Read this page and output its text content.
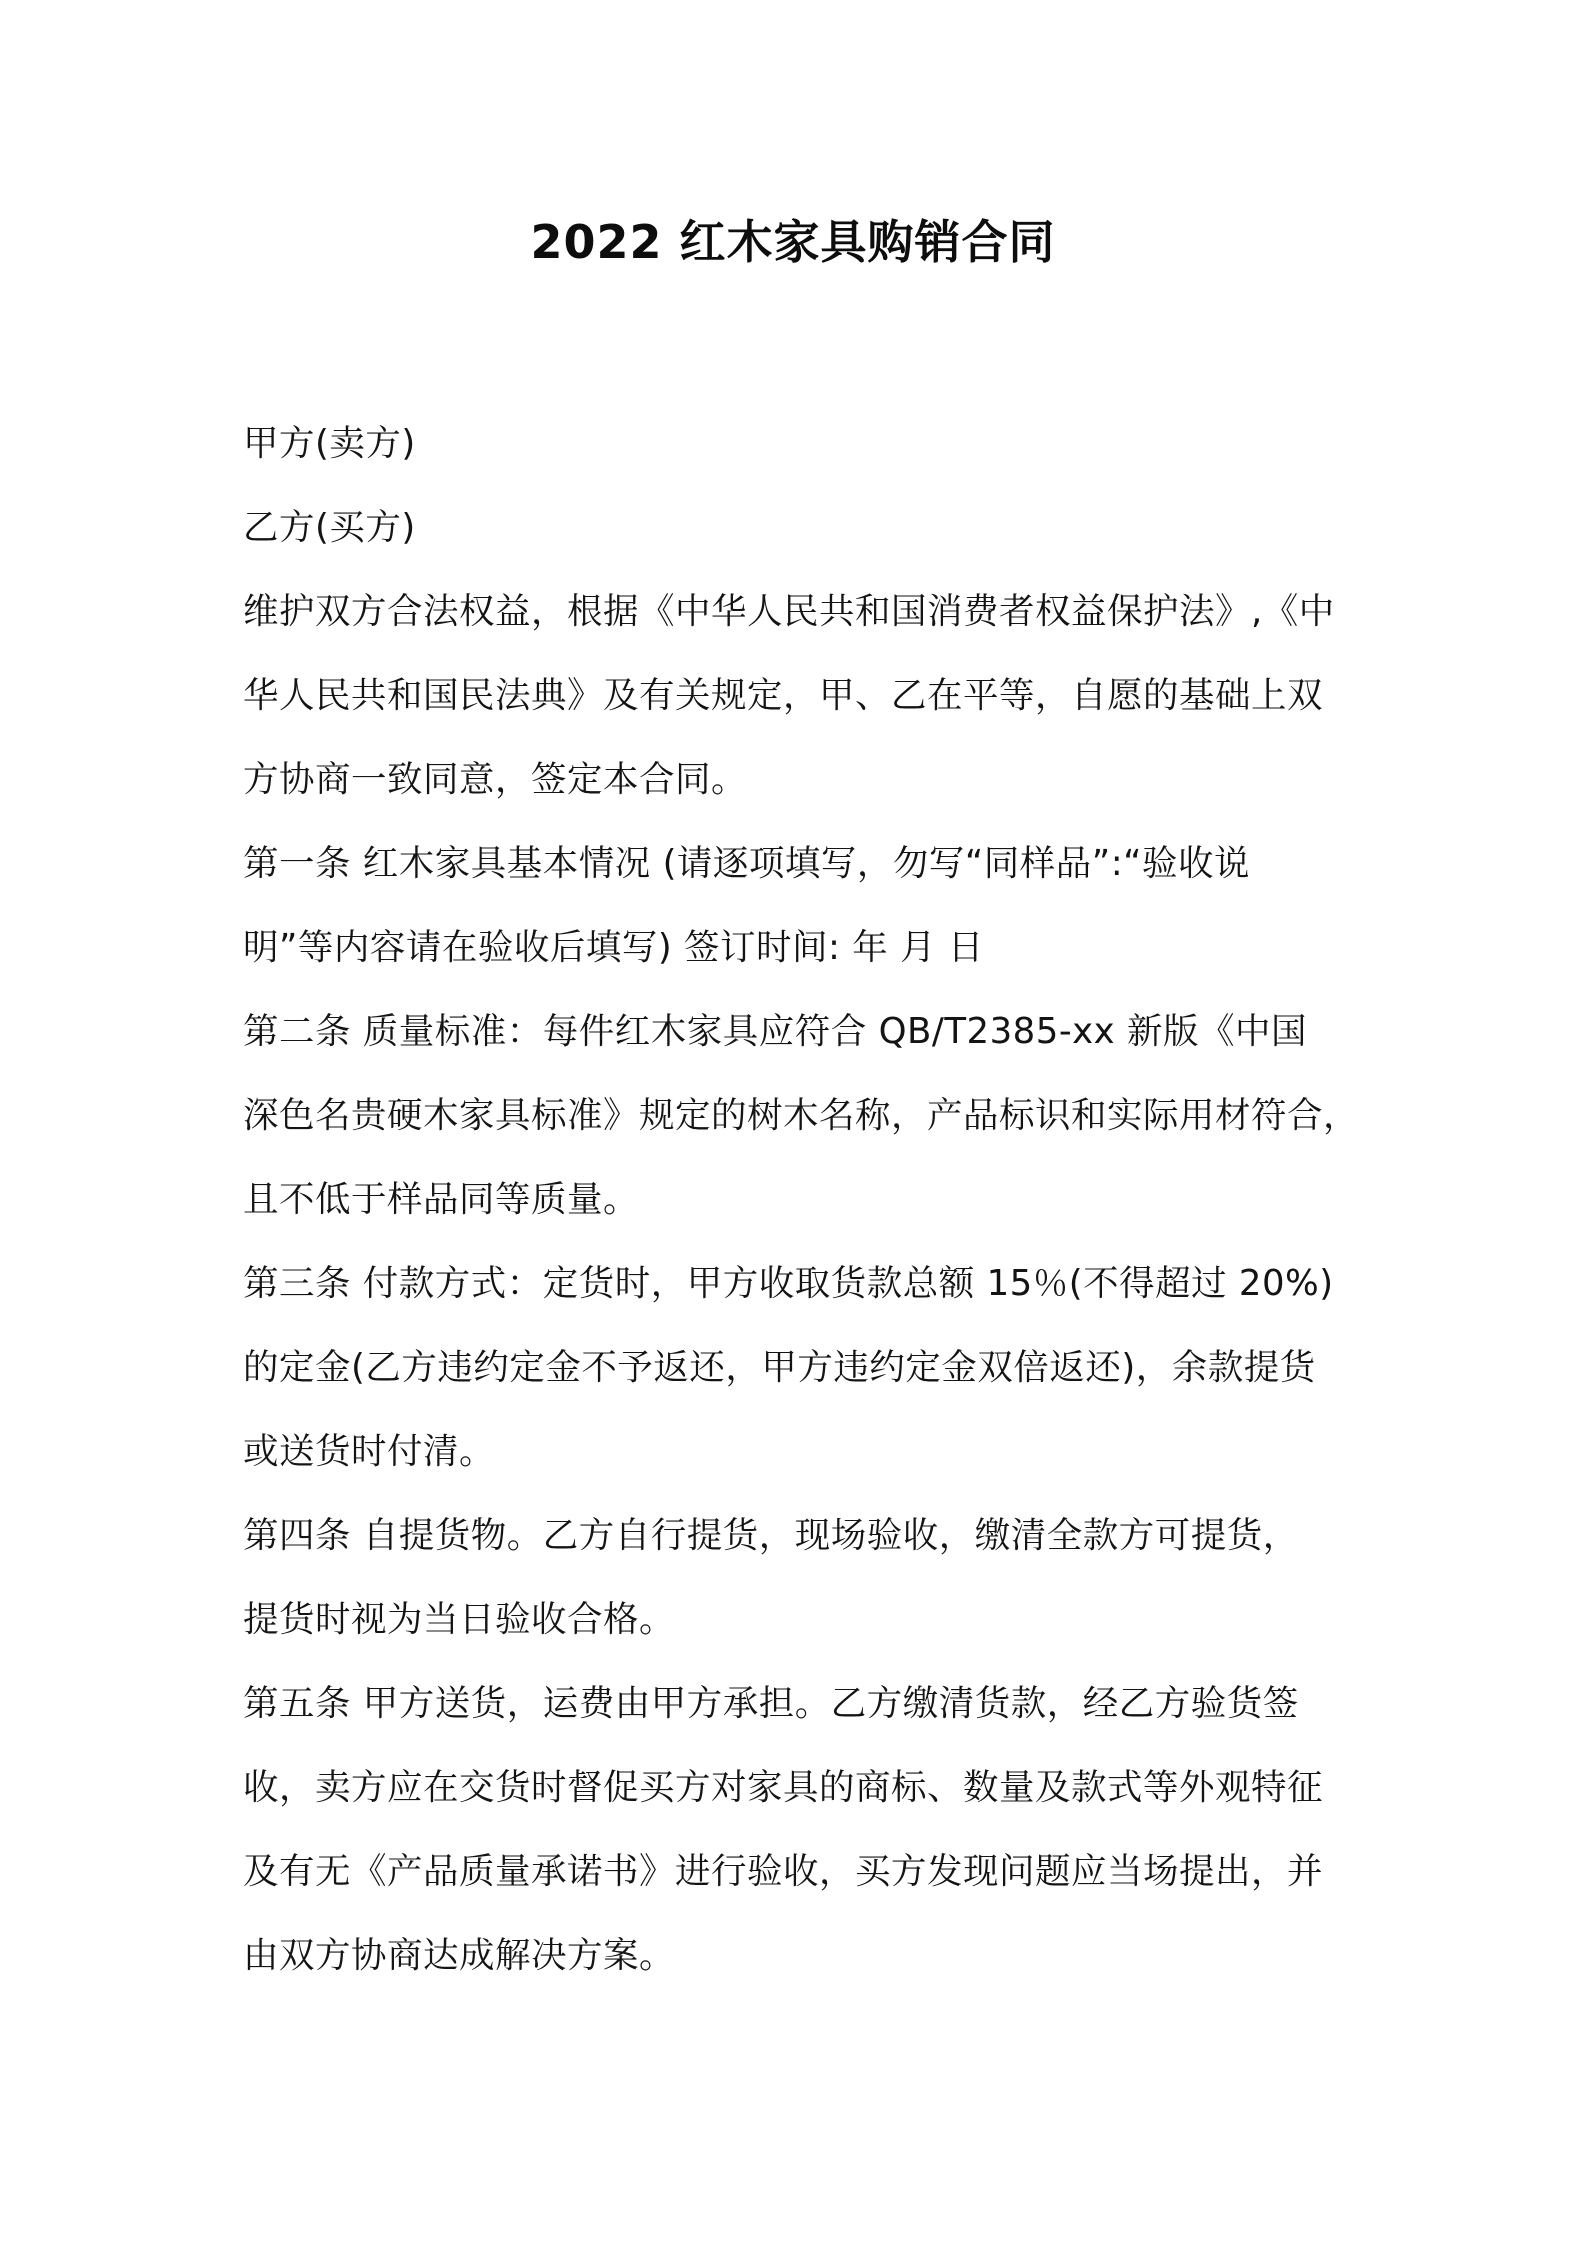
2022 红木家具购销合同
甲方(卖方)
乙方(买方)
维护双方合法权益，根据《中华人民共和国消费者权益保护法》,《中
华人民共和国民法典》及有关规定，甲、乙在平等，自愿的基础上双
方协商一致同意，签定本合同。
第一条 红木家具基本情况 (请逐项填写，勿写“同样品”:“验收说
明”等内容请在验收后填写) 签订时间: 年 月 日
第二条 质量标准：每件红木家具应符合 QB/T2385-xx 新版《中国
深色名贵硬木家具标准》规定的树木名称，产品标识和实际用材符合，
且不低于样品同等质量。
第三条 付款方式：定货时，甲方收取货款总额 15％(不得超过 20%)
的定金(乙方违约定金不予返还，甲方违约定金双倍返还)，余款提货
或送货时付清。
第四条 自提货物。乙方自行提货，现场验收，缴清全款方可提货，
提货时视为当日验收合格。
第五条 甲方送货，运费由甲方承担。乙方缴清货款，经乙方验货签
收，卖方应在交货时督促买方对家具的商标、数量及款式等外观特征
及有无《产品质量承诺书》进行验收，买方发现问题应当场提出，并
由双方协商达成解决方案。
